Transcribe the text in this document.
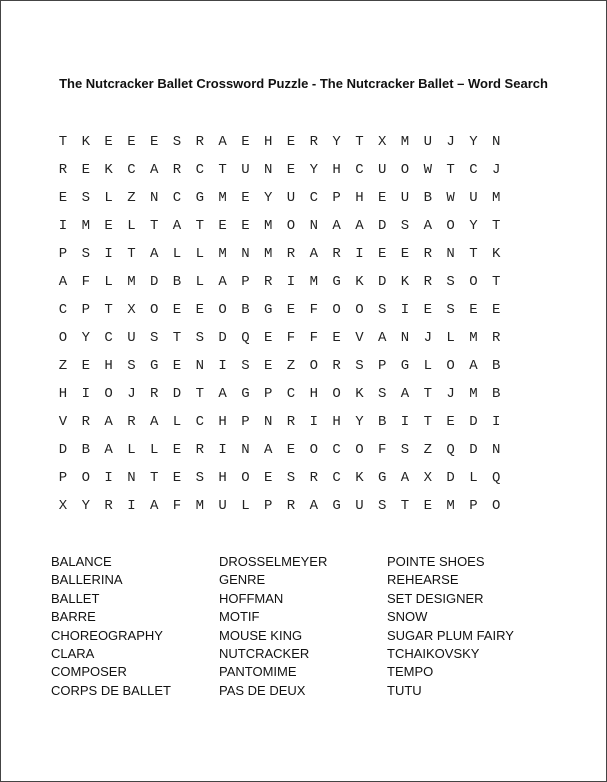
The Nutcracker Ballet Crossword Puzzle - The Nutcracker Ballet – Word Search
T	K	E	E	E	S	R	A	E	H	E	R	Y	T	X	M	U	J	Y	N
R	E	K	C	A	R	C	T	U	N	E	Y	H	C	U	O	W	T	C	J
E	S	L	Z	N	C	G	M	E	Y	U	C	P	H	E	U	B	W	U	M
I	M	E	L	T	A	T	E	E	M	O	N	A	A	D	S	A	O	Y	T
P	S	I	T	A	L	L	M	N	M	R	A	R	I	E	E	R	N	T	K
A	F	L	M	D	B	L	A	P	R	I	M	G	K	D	K	R	S	O	T
C	P	T	X	O	E	E	O	B	G	E	F	O	O	S	I	E	S	E	E
O	Y	C	U	S	T	S	D	Q	E	F	F	E	V	A	N	J	L	M	R
Z	E	H	S	G	E	N	I	S	E	Z	O	R	S	P	G	L	O	A	B
H	I	O	J	R	D	T	A	G	P	C	H	O	K	S	A	T	J	M	B
V	R	A	R	A	L	C	H	P	N	R	I	H	Y	B	I	T	E	D	I
D	B	A	L	L	E	R	I	N	A	E	O	C	O	F	S	Z	Q	D	N
P	O	I	N	T	E	S	H	O	E	S	R	C	K	G	A	X	D	L	Q
X	Y	R	I	A	F	M	U	L	P	R	A	G	U	S	T	E	M	P	O
BALANCE
BALLERINA
BALLET
BARRE
CHOREOGRAPHY
CLARA
COMPOSER
CORPS DE BALLET
DROSSELMEYER
GENRE
HOFFMAN
MOTIF
MOUSE KING
NUTCRACKER
PANTOMIME
PAS DE DEUX
POINTE SHOES
REHEARSE
SET DESIGNER
SNOW
SUGAR PLUM FAIRY
TCHAIKOVSKY
TEMPO
TUTU
